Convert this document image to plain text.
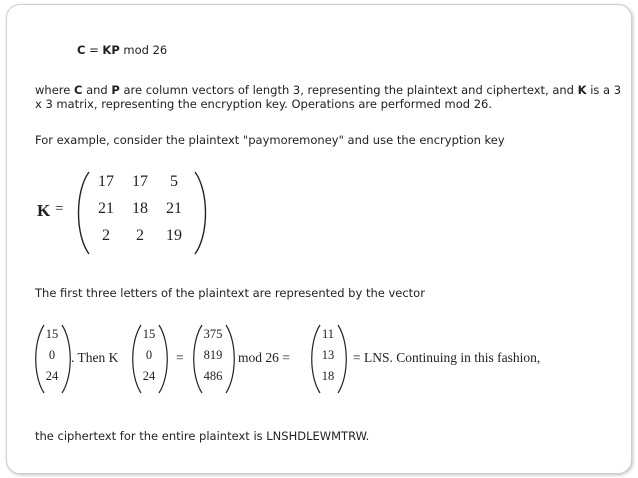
C = KP mod 26
where C and P are column vectors of length 3, representing the plaintext and ciphertext, and K is a 3 x 3 matrix, representing the encryption key. Operations are performed mod 26.
For example, consider the plaintext "paymoremoney" and use the encryption key
K =
17	17	5
21	18	21
2	2	19
The first three letters of the plaintext are represented by the vector
15
0
24
. Then K
15
0
24
=
375
819
486
mod 26 =
11
13
18
= LNS. Continuing in this fashion,
the ciphertext for the entire plaintext is LNSHDLEWMTRW.
